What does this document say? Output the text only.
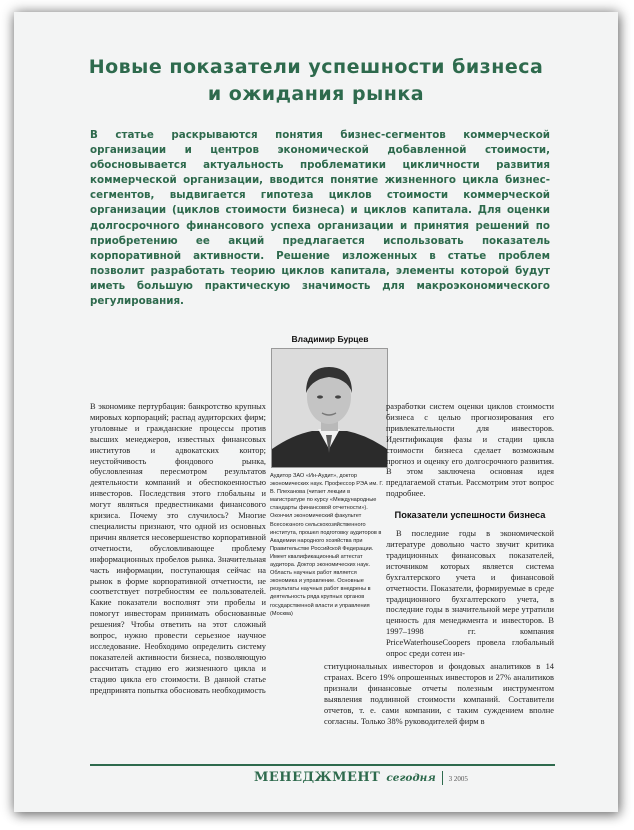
Новые показатели успешности бизнеса
и ожидания рынка
В статье раскрываются понятия бизнес-сегментов коммерческой организации и центров экономической добавленной стоимости, обосновывается актуальность проблематики цикличности развития коммерческой организации, вводится понятие жизненного цикла бизнес-сегментов, выдвигается гипотеза циклов стоимости коммерческой организации (циклов стоимости бизнеса) и циклов капитала. Для оценки долгосрочного финансового успеха организации и принятия решений по приобретению ее акций предлагается использовать показатель корпоративной активности. Решение изложенных в статье проблем позволит разработать теорию циклов капитала, элементы которой будут иметь большую практическую значимость для макроэкономического регулирования.
Владимир Бурцев
Аудитор ЗАО «Ин-Аудит», доктор экономических наук. Профессор РЭА им. Г. В. Плеханова (читает лекции в магистратуре по курсу «Международные стандарты финансовой отчетности»). Окончил экономический факультет Всесоюзного сельскохозяйственного института, прошел подготовку аудиторов в Академии народного хозяйства при Правительстве Российской Федерации. Имеет квалификационный аттестат аудитора. Доктор экономических наук. Область научных работ является экономика и управление. Основные результаты научных работ внедрены в деятельность ряда крупных органов государственной власти и управления (Москва)

В экономике пертурбация: банкротство крупных мировых корпораций; распад аудиторских фирм; уголовные и гражданские процессы против высших менеджеров, известных финансовых институтов и адвокатских контор; неустойчивость фондового рынка, обусловленная пересмотром результатов деятельности компаний и обеспокоенностью инвесторов. Последствия этого глобальны и могут являться предвестниками финансового кризиса. Почему это случилось? Многие специалисты признают, что одной из основных причин является несовершенство корпоративной отчетности, обусловливающее проблему информационных пробелов рынка. Значительная часть информации, поступающая сейчас на рынок в форме корпоративной отчетности, не соответствует потребностям ее пользователей. Какие показатели восполнят эти пробелы и помогут инвесторам принимать обоснованные решения? Чтобы ответить на этот сложный вопрос, нужно провести серьезное научное исследование. Необходимо определить систему показателей активности бизнеса, позволяющую рассчитать стадию его жизненного цикла и стадию цикла его стоимости. В данной статье предпринята попытка обосновать необходимость

разработки систем оценки циклов стоимости бизнеса с целью прогнозирования его привлекательности для инвесторов. Идентификация фазы и стадии цикла стоимости бизнеса сделает возможным прогноз и оценку его долгосрочного развития. В этом заключена основная идея предлагаемой статьи. Рассмотрим этот вопрос подробнее.

Показатели успешности бизнеса

В последние годы в экономической литературе довольно часто звучит критика традиционных финансовых показателей, источником которых является система бухгалтерского учета и финансовой отчетности. Показатели, формируемые в среде традиционного бухгалтерского учета, в последние годы в значительной мере утратили ценность для менеджмента и инвесторов. В 1997–1998 гг. компания PriceWaterhouseCoopers провела глобальный опрос среди сотен ин-

ституциональных инвесторов и фондовых аналитиков в 14 странах. Всего 19% опрошенных инвесторов и 27% аналитиков признали финансовые отчеты полезным инструментом выявления подлинной стоимости компаний. Составители отчетов, т. е. сами компании, с таким суждением вполне согласны. Только 38% руководителей фирм в
МЕНЕДЖМЕНТ сегодня 3 2005
